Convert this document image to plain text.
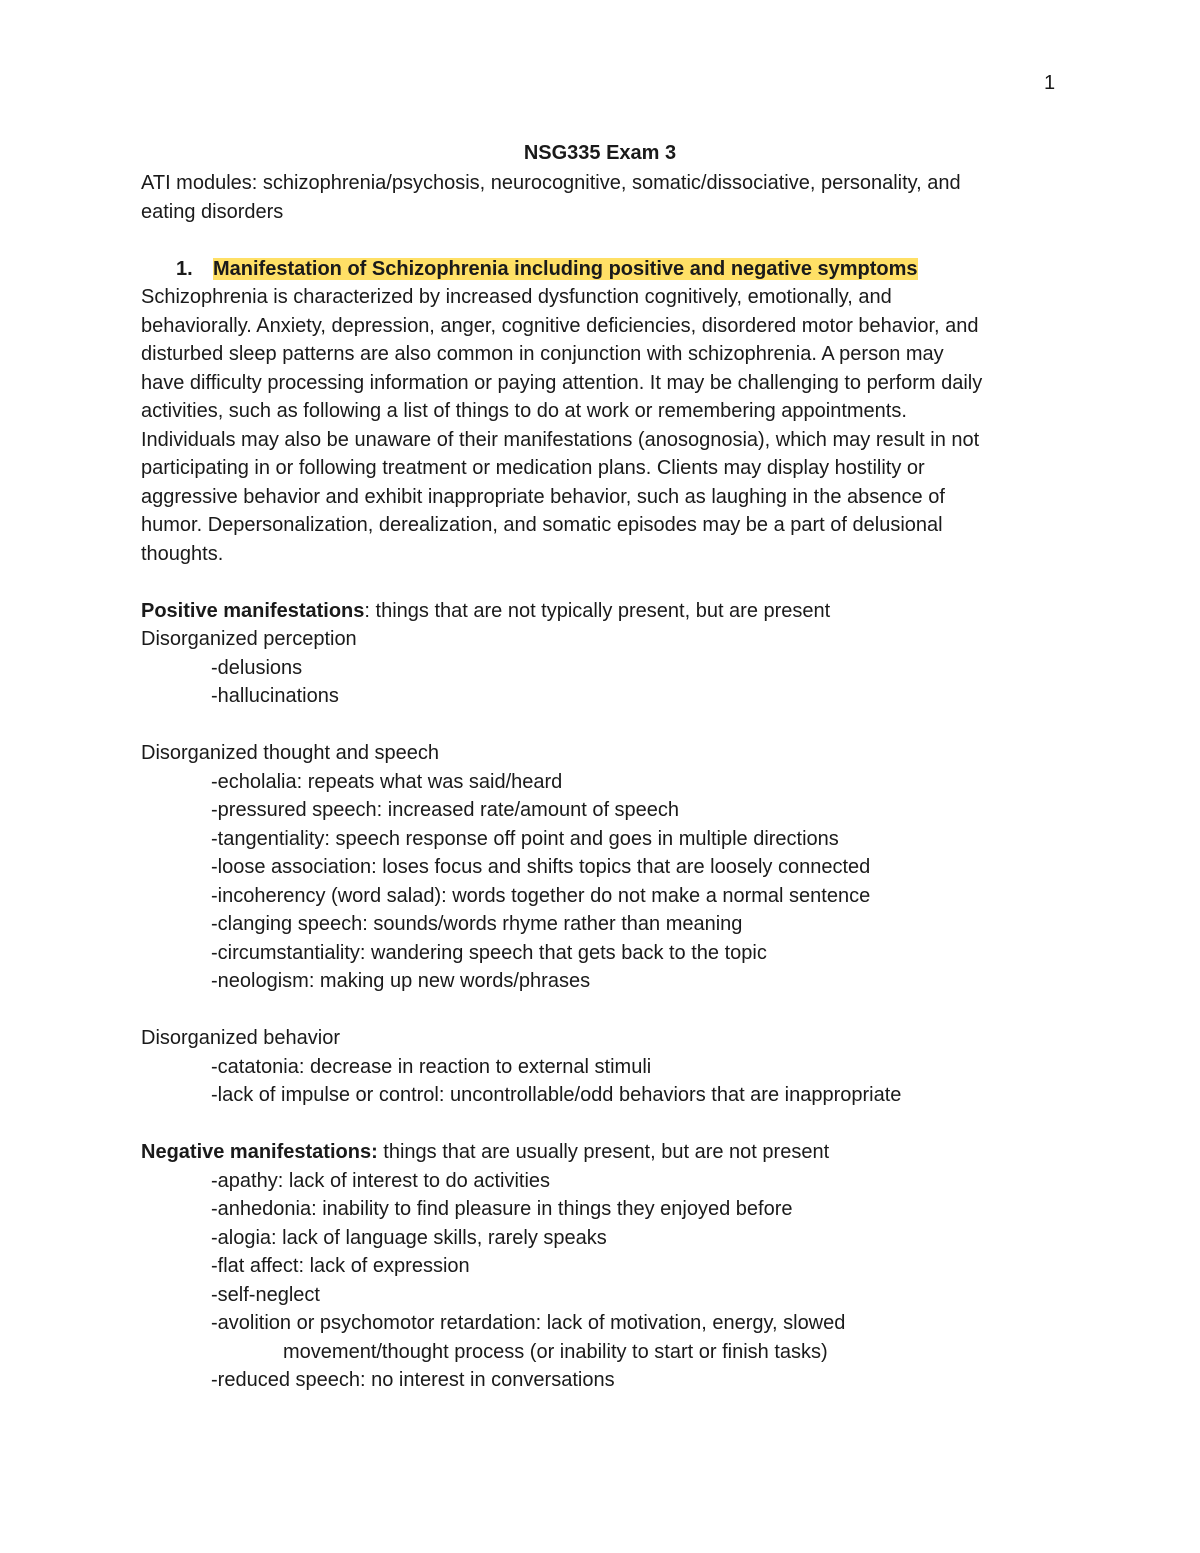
1
NSG335 Exam 3

ATI modules: schizophrenia/psychosis, neurocognitive, somatic/dissociative, personality, and

eating disorders

1. Manifestation of Schizophrenia including positive and negative symptoms

Schizophrenia is characterized by increased dysfunction cognitively, emotionally, and

behaviorally. Anxiety, depression, anger, cognitive deficiencies, disordered motor behavior, and

disturbed sleep patterns are also common in conjunction with schizophrenia. A person may

have difficulty processing information or paying attention. It may be challenging to perform daily

activities, such as following a list of things to do at work or remembering appointments.

Individuals may also be unaware of their manifestations (anosognosia), which may result in not

participating in or following treatment or medication plans. Clients may display hostility or

aggressive behavior and exhibit inappropriate behavior, such as laughing in the absence of

humor. Depersonalization, derealization, and somatic episodes may be a part of delusional

thoughts.

Positive manifestations: things that are not typically present, but are present

Disorganized perception

-delusions

-hallucinations

Disorganized thought and speech

-echolalia: repeats what was said/heard

-pressured speech: increased rate/amount of speech

-tangentiality: speech response off point and goes in multiple directions

-loose association: loses focus and shifts topics that are loosely connected

-incoherency (word salad): words together do not make a normal sentence

-clanging speech: sounds/words rhyme rather than meaning

-circumstantiality: wandering speech that gets back to the topic

-neologism: making up new words/phrases

Disorganized behavior

-catatonia: decrease in reaction to external stimuli

-lack of impulse or control: uncontrollable/odd behaviors that are inappropriate

Negative manifestations: things that are usually present, but are not present

-apathy: lack of interest to do activities

-anhedonia: inability to find pleasure in things they enjoyed before

-alogia: lack of language skills, rarely speaks

-flat affect: lack of expression

-self-neglect

-avolition or psychomotor retardation: lack of motivation, energy, slowed

movement/thought process (or inability to start or finish tasks)

-reduced speech: no interest in conversations
